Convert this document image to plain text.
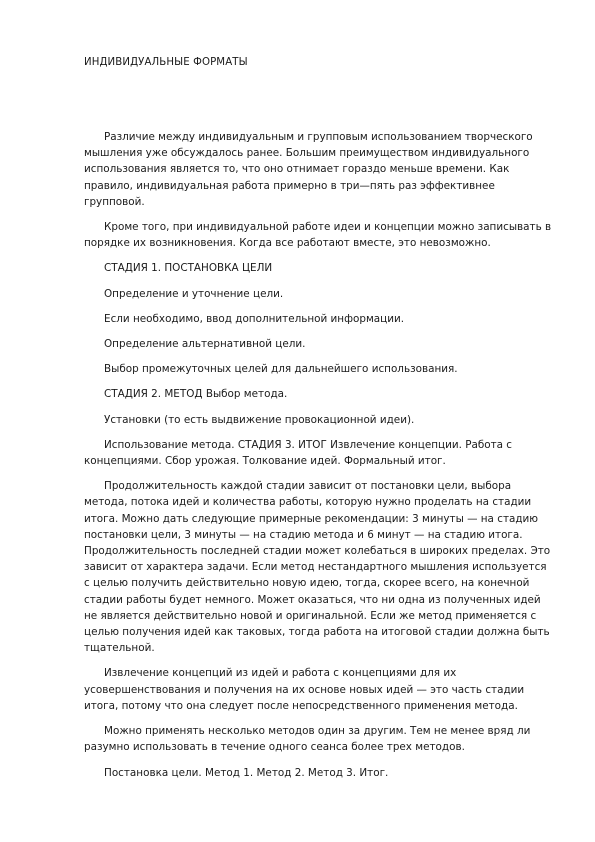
ИНДИВИДУАЛЬНЫЕ ФОРМАТЫ

Различие между индивидуальным и групповым использованием творческого мышления уже обсуждалось ранее. Большим преимуществом индивидуального использования является то, что оно отнимает гораздо меньше времени. Как правило, индивидуальная работа примерно в три—пять раз эффективнее групповой.

Кроме того, при индивидуальной работе идеи и концепции можно записывать в порядке их возникновения. Когда все работают вместе, это невозможно.

СТАДИЯ 1. ПОСТАНОВКА ЦЕЛИ

Определение и уточнение цели.

Если необходимо, ввод дополнительной информации.

Определение альтернативной цели.

Выбор промежуточных целей для дальнейшего использования.

СТАДИЯ 2. МЕТОД Выбор метода.

Установки (то есть выдвижение провокационной идеи).

Использование метода. СТАДИЯ 3. ИТОГ Извлечение концепции. Работа с концепциями. Сбор урожая. Толкование идей. Формальный итог.

Продолжительность каждой стадии зависит от постановки цели, выбора метода, потока идей и количества работы, которую нужно проделать на стадии итога. Можно дать следующие примерные рекомендации: 3 минуты — на стадию постановки цели, 3 минуты — на стадию метода и 6 минут — на стадию итога. Продолжительность последней стадии может колебаться в широких пределах. Это зависит от характера задачи. Если метод нестандартного мышления используется с целью получить действительно новую идею, тогда, скорее всего, на конечной стадии работы будет немного. Может оказаться, что ни одна из полученных идей не является действительно новой и оригинальной. Если же метод применяется с целью получения идей как таковых, тогда работа на итоговой стадии должна быть тщательной.

Извлечение концепций из идей и работа с концепциями для их усовершенствования и получения на их основе новых идей — это часть стадии итога, потому что она следует после непосредственного применения метода.

Можно применять несколько методов один за другим. Тем не менее вряд ли разумно использовать в течение одного сеанса более трех методов.

Постановка цели. Метод 1. Метод 2. Метод 3. Итог.
